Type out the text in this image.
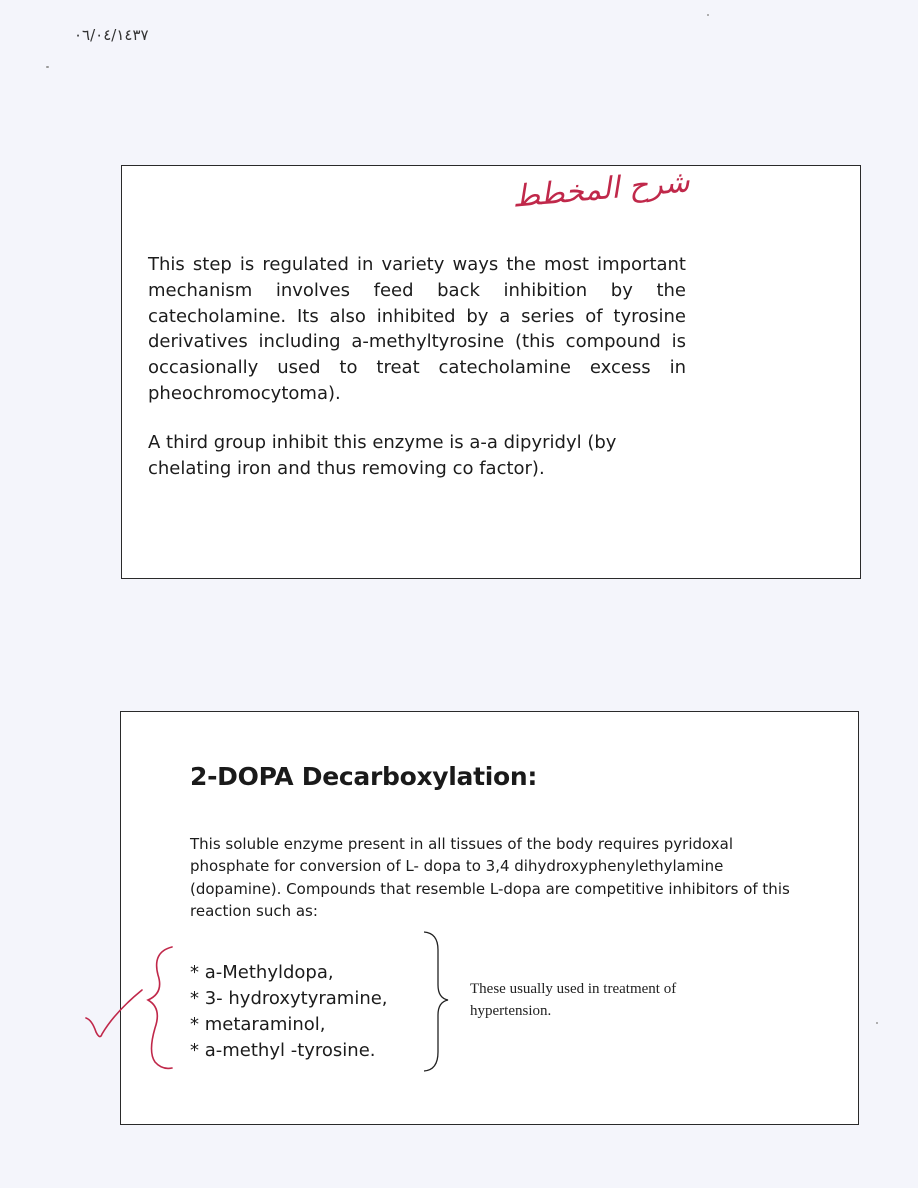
٠٦/٠٤/١٤٣٧
شرح المخطط
This step is regulated in variety ways the most important mechanism involves feed back inhibition by the catecholamine. Its also inhibited by a series of tyrosine derivatives including a-methyltyrosine (this compound is occasionally used to treat catecholamine excess in pheochromocytoma).
A third group inhibit this enzyme is a-a dipyridyl (by chelating iron and thus removing co factor).
2-DOPA Decarboxylation:
This soluble enzyme present in all tissues of the body requires pyridoxal phosphate for conversion of L- dopa to 3,4 dihydroxyphenylethylamine (dopamine). Compounds that resemble L-dopa are competitive inhibitors of this reaction such as:
* a-Methyldopa,
* 3- hydroxytyramine,
* metaraminol,
* a-methyl -tyrosine.
These usually used in treatment of hypertension.
